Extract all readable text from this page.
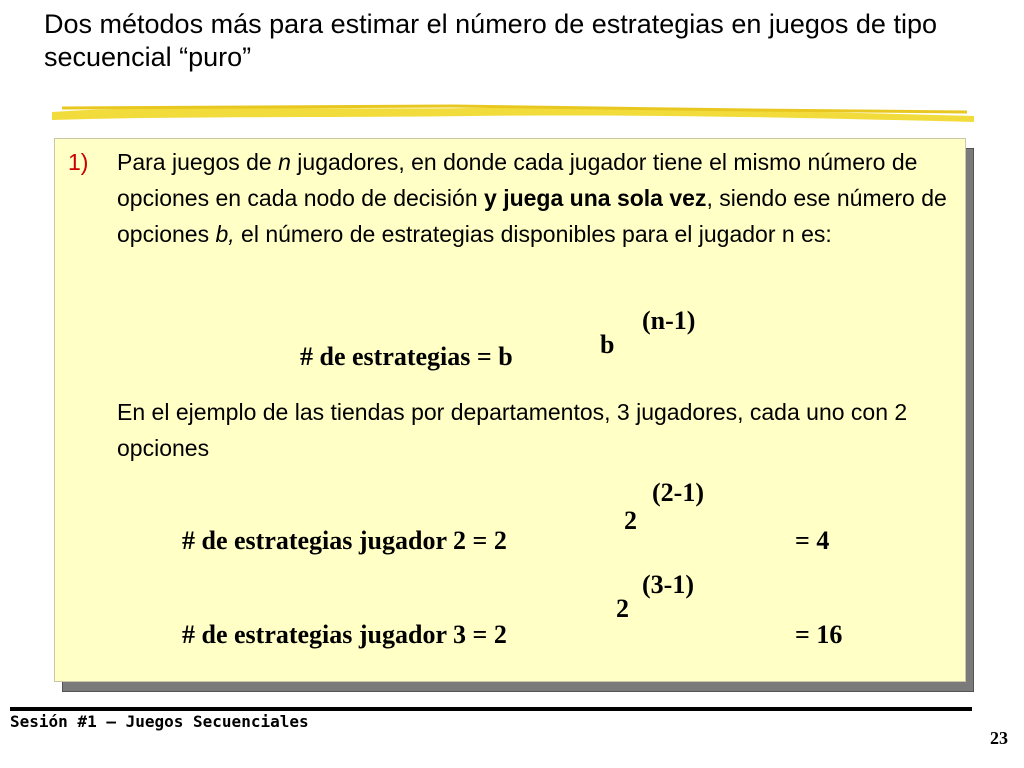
Dos métodos más para estimar el número de estrategias en juegos de tipo secuencial “puro”
1) Para juegos de n jugadores, en donde cada jugador tiene el mismo número de opciones en cada nodo de decisión y juega una sola vez, siendo ese número de opciones b, el número de estrategias disponibles para el jugador n es:
# de estrategias = b	b
(n-1)
En el ejemplo de las tiendas por departamentos, 3 jugadores, cada uno con 2 opciones
(2-1)
2
# de estrategias jugador 2 = 2	= 4
(3-1)
2
# de estrategias jugador 3 = 2	= 16
Sesión #1 – Juegos Secuenciales
23
